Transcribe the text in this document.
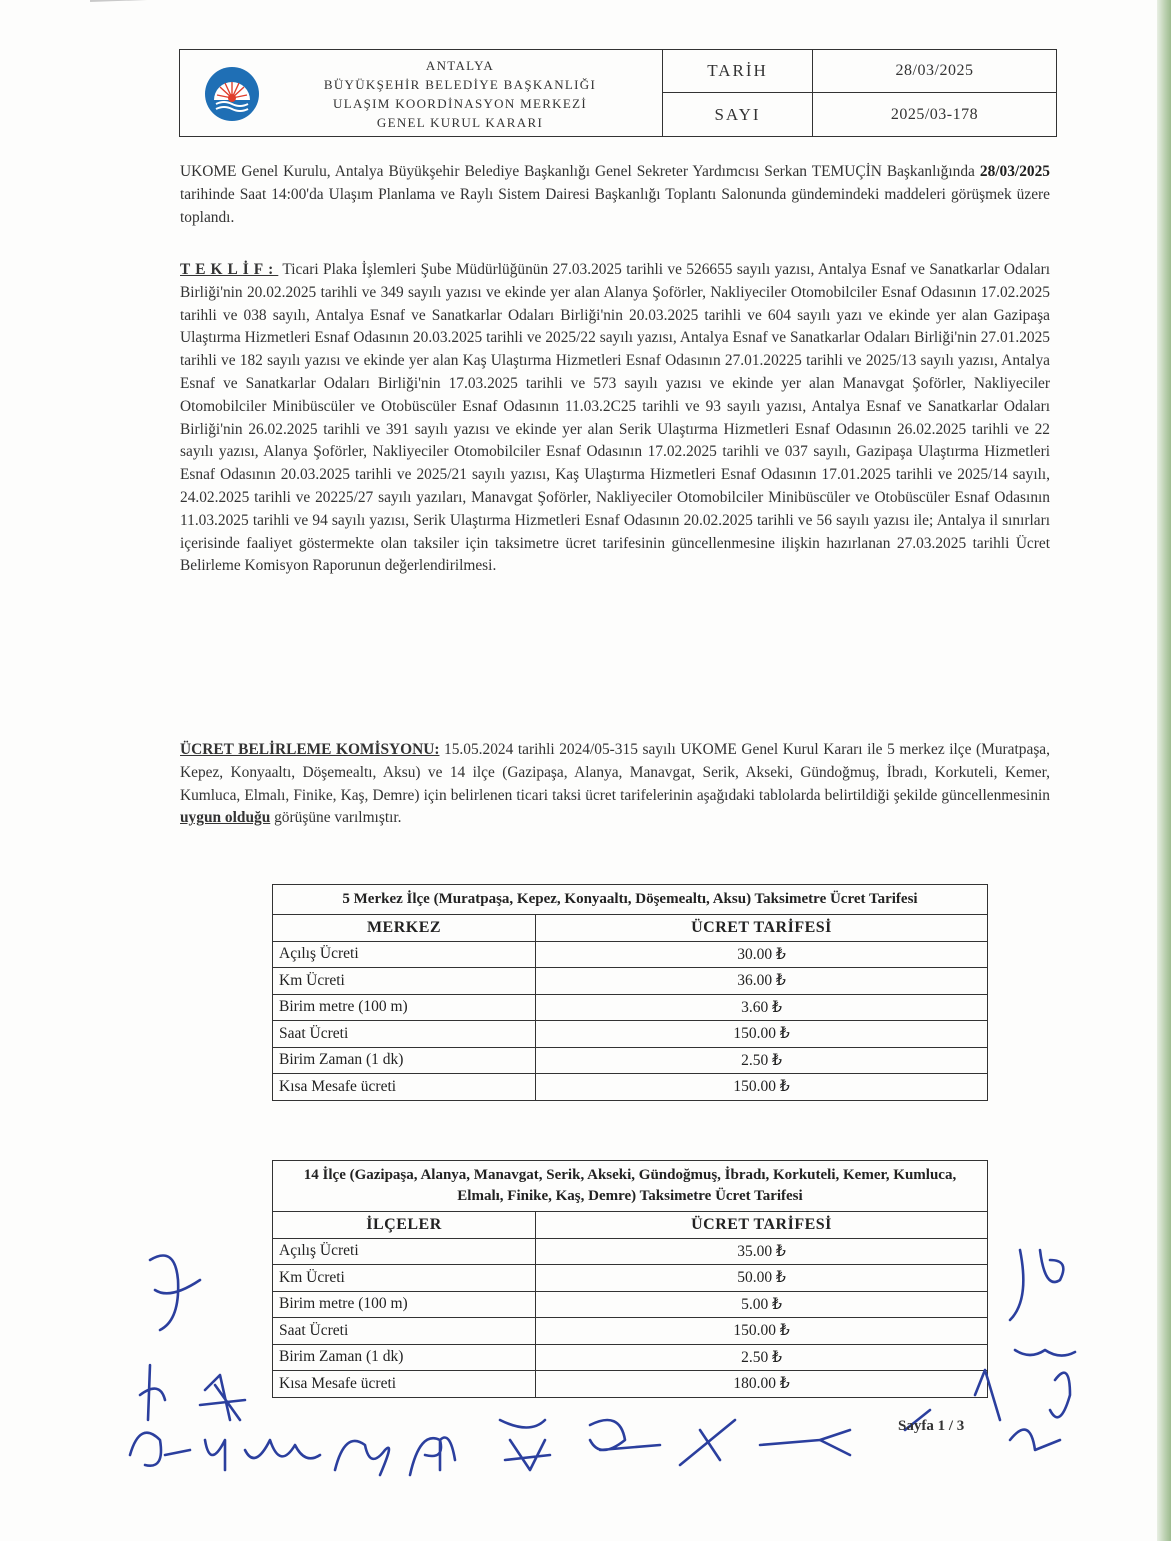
ANTALYA
BÜYÜKŞEHİR BELEDİYE BAŞKANLIĞI
ULAŞIM KOORDİNASYON MERKEZİ
GENEL KURUL KARARI
TARİH	28/03/2025
SAYI	2025/03-178
UKOME Genel Kurulu, Antalya Büyükşehir Belediye Başkanlığı Genel Sekreter Yardımcısı Serkan TEMUÇİN Başkanlığında 28/03/2025 tarihinde Saat 14:00'da Ulaşım Planlama ve Raylı Sistem Dairesi Başkanlığı Toplantı Salonunda gündemindeki maddeleri görüşmek üzere toplandı.
TEKLİF: Ticari Plaka İşlemleri Şube Müdürlüğünün 27.03.2025 tarihli ve 526655 sayılı yazısı, Antalya Esnaf ve Sanatkarlar Odaları Birliği'nin 20.02.2025 tarihli ve 349 sayılı yazısı ve ekinde yer alan Alanya Şoförler, Nakliyeciler Otomobilciler Esnaf Odasının 17.02.2025 tarihli ve 038 sayılı, Antalya Esnaf ve Sanatkarlar Odaları Birliği'nin 20.03.2025 tarihli ve 604 sayılı yazı ve ekinde yer alan Gazipaşa Ulaştırma Hizmetleri Esnaf Odasının 20.03.2025 tarihli ve 2025/22 sayılı yazısı, Antalya Esnaf ve Sanatkarlar Odaları Birliği'nin 27.01.2025 tarihli ve 182 sayılı yazısı ve ekinde yer alan Kaş Ulaştırma Hizmetleri Esnaf Odasının 27.01.20225 tarihli ve 2025/13 sayılı yazısı, Antalya Esnaf ve Sanatkarlar Odaları Birliği'nin 17.03.2025 tarihli ve 573 sayılı yazısı ve ekinde yer alan Manavgat Şoförler, Nakliyeciler Otomobilciler Minibüscüler ve Otobüscüler Esnaf Odasının 11.03.2C25 tarihli ve 93 sayılı yazısı, Antalya Esnaf ve Sanatkarlar Odaları Birliği'nin 26.02.2025 tarihli ve 391 sayılı yazısı ve ekinde yer alan Serik Ulaştırma Hizmetleri Esnaf Odasının 26.02.2025 tarihli ve 22 sayılı yazısı, Alanya Şoförler, Nakliyeciler Otomobilciler Esnaf Odasının 17.02.2025 tarihli ve 037 sayılı, Gazipaşa Ulaştırma Hizmetleri Esnaf Odasının 20.03.2025 tarihli ve 2025/21 sayılı yazısı, Kaş Ulaştırma Hizmetleri Esnaf Odasının 17.01.2025 tarihli ve 2025/14 sayılı, 24.02.2025 tarihli ve 20225/27 sayılı yazıları, Manavgat Şoförler, Nakliyeciler Otomobilciler Minibüscüler ve Otobüscüler Esnaf Odasının 11.03.2025 tarihli ve 94 sayılı yazısı, Serik Ulaştırma Hizmetleri Esnaf Odasının 20.02.2025 tarihli ve 56 sayılı yazısı ile; Antalya il sınırları içerisinde faaliyet göstermekte olan taksiler için taksimetre ücret tarifesinin güncellenmesine ilişkin hazırlanan 27.03.2025 tarihli Ücret Belirleme Komisyon Raporunun değerlendirilmesi.
ÜCRET BELİRLEME KOMİSYONU: 15.05.2024 tarihli 2024/05-315 sayılı UKOME Genel Kurul Kararı ile 5 merkez ilçe (Muratpaşa, Kepez, Konyaaltı, Döşemealtı, Aksu) ve 14 ilçe (Gazipaşa, Alanya, Manavgat, Serik, Akseki, Gündoğmuş, İbradı, Korkuteli, Kemer, Kumluca, Elmalı, Finike, Kaş, Demre) için belirlenen ticari taksi ücret tarifelerinin aşağıdaki tablolarda belirtildiği şekilde güncellenmesinin uygun olduğu görüşüne varılmıştır.
5 Merkez İlçe (Muratpaşa, Kepez, Konyaaltı, Döşemealtı, Aksu) Taksimetre Ücret Tarifesi	
MERKEZ	ÜCRET TARİFESİ
Açılış Ücreti	30.00 ₺
Km Ücreti	36.00 ₺
Birim metre (100 m)	3.60 ₺
Saat Ücreti	150.00 ₺
Birim Zaman (1 dk)	2.50 ₺
Kısa Mesafe ücreti	150.00 ₺
14 İlçe (Gazipaşa, Alanya, Manavgat, Serik, Akseki, Gündoğmuş, İbradı, Korkuteli, Kemer, Kumluca, Elmalı, Finike, Kaş, Demre) Taksimetre Ücret Tarifesi	
İLÇELER	ÜCRET TARİFESİ
Açılış Ücreti	35.00 ₺
Km Ücreti	50.00 ₺
Birim metre (100 m)	5.00 ₺
Saat Ücreti	150.00 ₺
Birim Zaman (1 dk)	2.50 ₺
Kısa Mesafe ücreti	180.00 ₺
Sayfa 1 / 3
